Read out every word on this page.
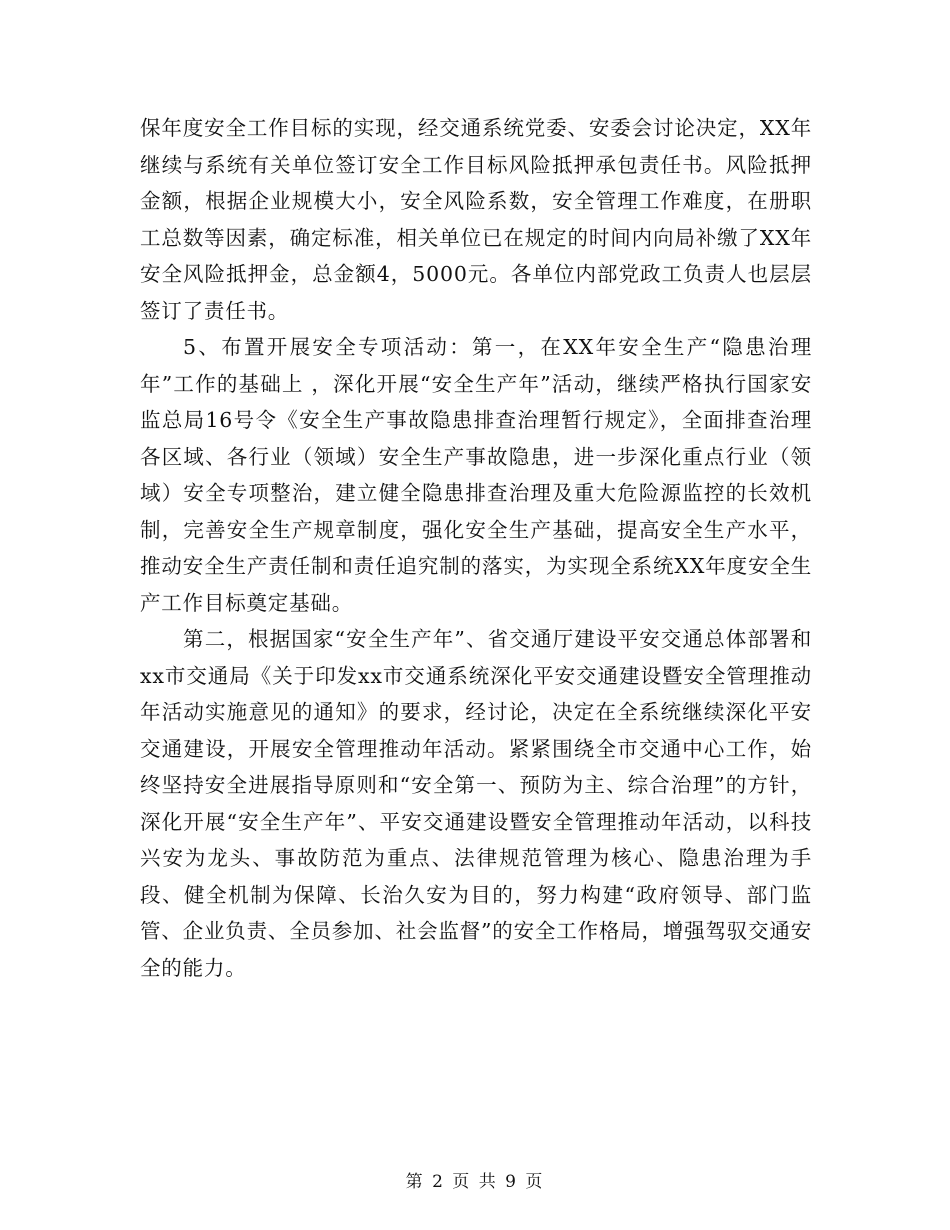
保年度安全工作目标的实现，经交通系统党委、安委会讨论决定，XX年继续与系统有关单位签订安全工作目标风险抵押承包责任书。风险抵押金额，根据企业规模大小，安全风险系数，安全管理工作难度，在册职工总数等因素，确定标准，相关单位已在规定的时间内向局补缴了XX年安全风险抵押金，总金额4，5000元。各单位内部党政工负责人也层层签订了责任书。

5、布置开展安全专项活动：第一，在XX年安全生产“隐患治理年”工作的基础上 ，深化开展“安全生产年”活动，继续严格执行国家安监总局16号令《安全生产事故隐患排查治理暂行规定》，全面排查治理各区域、各行业（领域）安全生产事故隐患，进一步深化重点行业（领域）安全专项整治，建立健全隐患排查治理及重大危险源监控的长效机制，完善安全生产规章制度，强化安全生产基础，提高安全生产水平，推动安全生产责任制和责任追究制的落实，为实现全系统XX年度安全生产工作目标奠定基础。

第二，根据国家“安全生产年”、省交通厅建设平安交通总体部署和xx市交通局《关于印发xx市交通系统深化平安交通建设暨安全管理推动年活动实施意见的通知》的要求，经讨论，决定在全系统继续深化平安交通建设，开展安全管理推动年活动。紧紧围绕全市交通中心工作，始终坚持安全进展指导原则和“安全第一、预防为主、综合治理”的方针，深化开展“安全生产年”、平安交通建设暨安全管理推动年活动，以科技兴安为龙头、事故防范为重点、法律规范管理为核心、隐患治理为手段、健全机制为保障、长治久安为目的，努力构建“政府领导、部门监管、企业负责、全员参加、社会监督”的安全工作格局，增强驾驭交通安全的能力。

第 2 页 共 9 页
